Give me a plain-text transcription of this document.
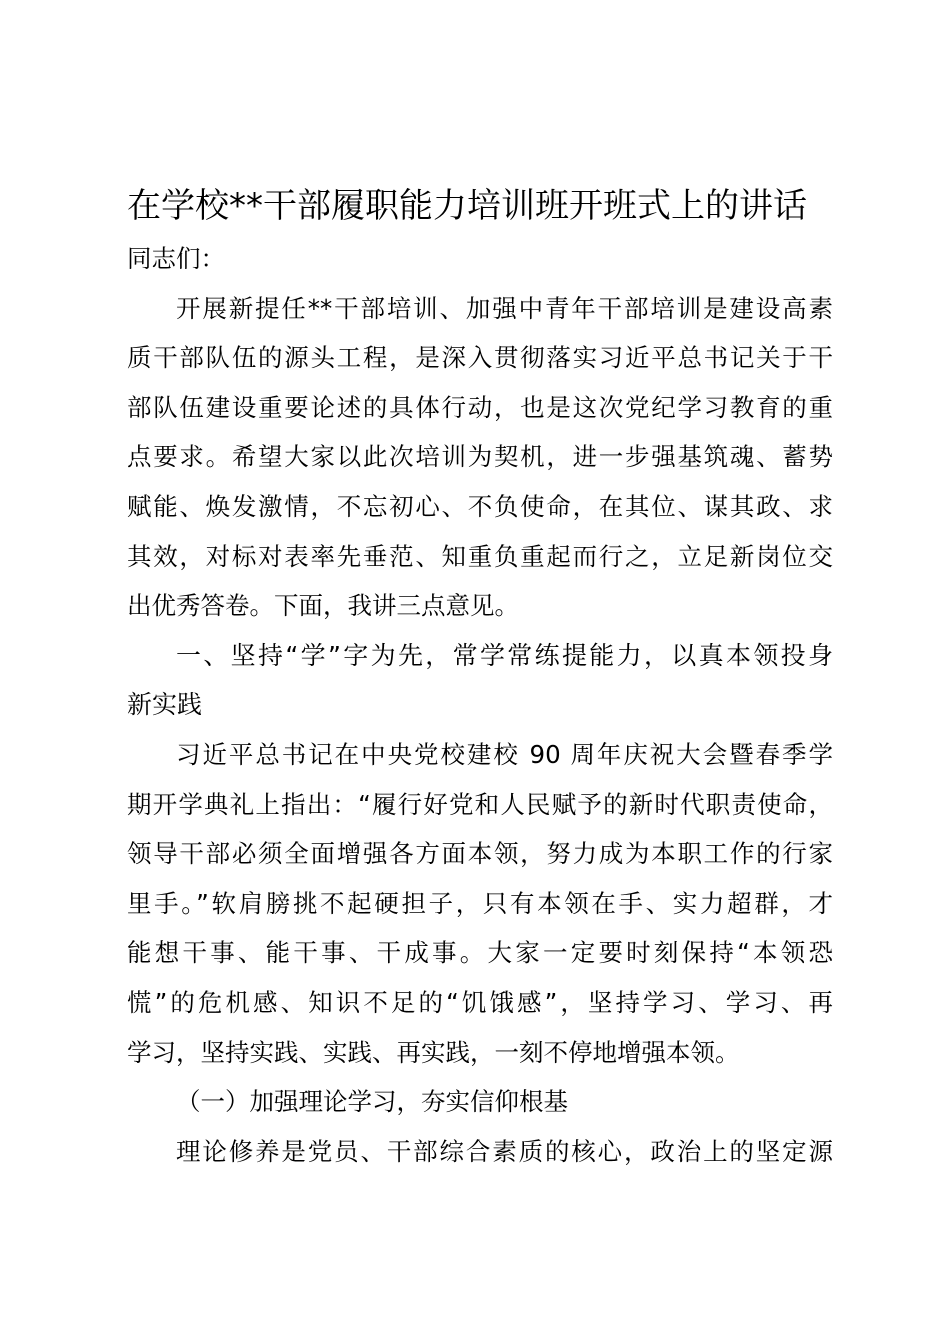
在学校**干部履职能力培训班开班式上的讲话
同志们：
开展新提任**干部培训、加强中青年干部培训是建设高素
质干部队伍的源头工程，是深入贯彻落实习近平总书记关于干
部队伍建设重要论述的具体行动，也是这次党纪学习教育的重
点要求。希望大家以此次培训为契机，进一步强基筑魂、蓄势
赋能、焕发激情，不忘初心、不负使命，在其位、谋其政、求
其效，对标对表率先垂范、知重负重起而行之，立足新岗位交
出优秀答卷。下面，我讲三点意见。
一、坚持“学”字为先，常学常练提能力，以真本领投身
新实践
习近平总书记在中央党校建校 90 周年庆祝大会暨春季学
期开学典礼上指出：“履行好党和人民赋予的新时代职责使命，
领导干部必须全面增强各方面本领，努力成为本职工作的行家
里手。”软肩膀挑不起硬担子，只有本领在手、实力超群，才
能想干事、能干事、干成事。大家一定要时刻保持“本领恐
慌”的危机感、知识不足的“饥饿感”，坚持学习、学习、再
学习，坚持实践、实践、再实践，一刻不停地增强本领。
（一）加强理论学习，夯实信仰根基
理论修养是党员、干部综合素质的核心，政治上的坚定源
